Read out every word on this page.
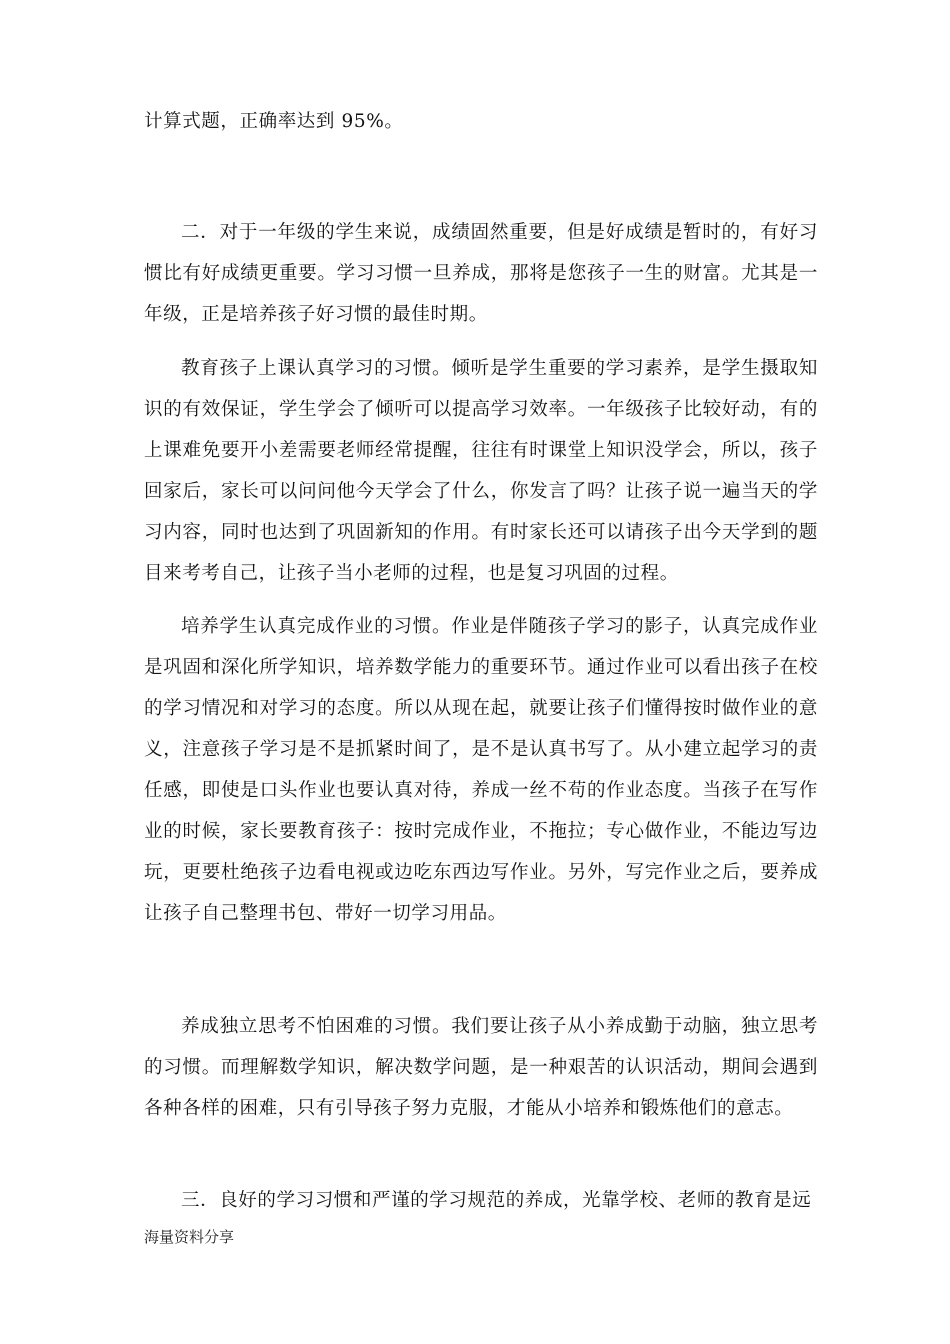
计算式题，正确率达到 95%。

二．对于一年级的学生来说，成绩固然重要，但是好成绩是暂时的，有好习惯比有好成绩更重要。学习习惯一旦养成，那将是您孩子一生的财富。尤其是一年级，正是培养孩子好习惯的最佳时期。

教育孩子上课认真学习的习惯。倾听是学生重要的学习素养，是学生摄取知识的有效保证，学生学会了倾听可以提高学习效率。一年级孩子比较好动，有的上课难免要开小差需要老师经常提醒，往往有时课堂上知识没学会，所以，孩子回家后，家长可以问问他今天学会了什么，你发言了吗？让孩子说一遍当天的学习内容，同时也达到了巩固新知的作用。有时家长还可以请孩子出今天学到的题目来考考自己，让孩子当小老师的过程，也是复习巩固的过程。

培养学生认真完成作业的习惯。作业是伴随孩子学习的影子，认真完成作业是巩固和深化所学知识，培养数学能力的重要环节。通过作业可以看出孩子在校的学习情况和对学习的态度。所以从现在起，就要让孩子们懂得按时做作业的意义，注意孩子学习是不是抓紧时间了，是不是认真书写了。从小建立起学习的责任感，即使是口头作业也要认真对待，养成一丝不苟的作业态度。当孩子在写作业的时候，家长要教育孩子：按时完成作业，不拖拉；专心做作业，不能边写边玩，更要杜绝孩子边看电视或边吃东西边写作业。另外，写完作业之后，要养成让孩子自己整理书包、带好一切学习用品。

养成独立思考不怕困难的习惯。我们要让孩子从小养成勤于动脑，独立思考的习惯。而理解数学知识，解决数学问题，是一种艰苦的认识活动，期间会遇到各种各样的困难，只有引导孩子努力克服，才能从小培养和锻炼他们的意志。

三．良好的学习习惯和严谨的学习规范的养成，光靠学校、老师的教育是远

海量资料分享
